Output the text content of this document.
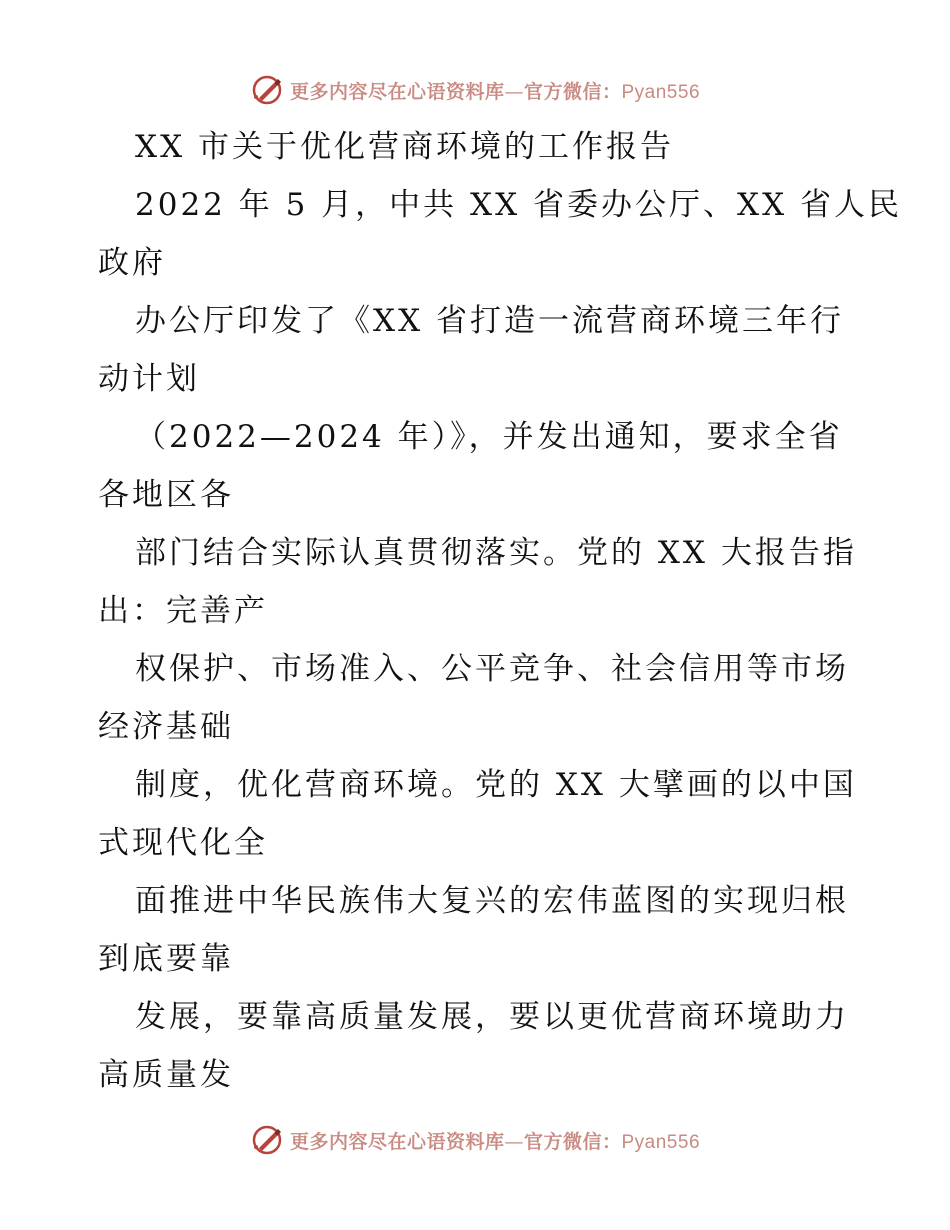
更多内容尽在心语资料库—官方微信：Pyan556
XX 市关于优化营商环境的工作报告
2022 年 5 月，中共 XX 省委办公厅、XX 省人民
政府
办公厅印发了《XX 省打造一流营商环境三年行
动计划
（2022—2024 年）》，并发出通知，要求全省
各地区各
部门结合实际认真贯彻落实。党的 XX 大报告指
出：完善产
权保护、市场准入、公平竞争、社会信用等市场
经济基础
制度，优化营商环境。党的 XX 大擘画的以中国
式现代化全
面推进中华民族伟大复兴的宏伟蓝图的实现归根
到底要靠
发展，要靠高质量发展，要以更优营商环境助力
高质量发
更多内容尽在心语资料库—官方微信：Pyan556
